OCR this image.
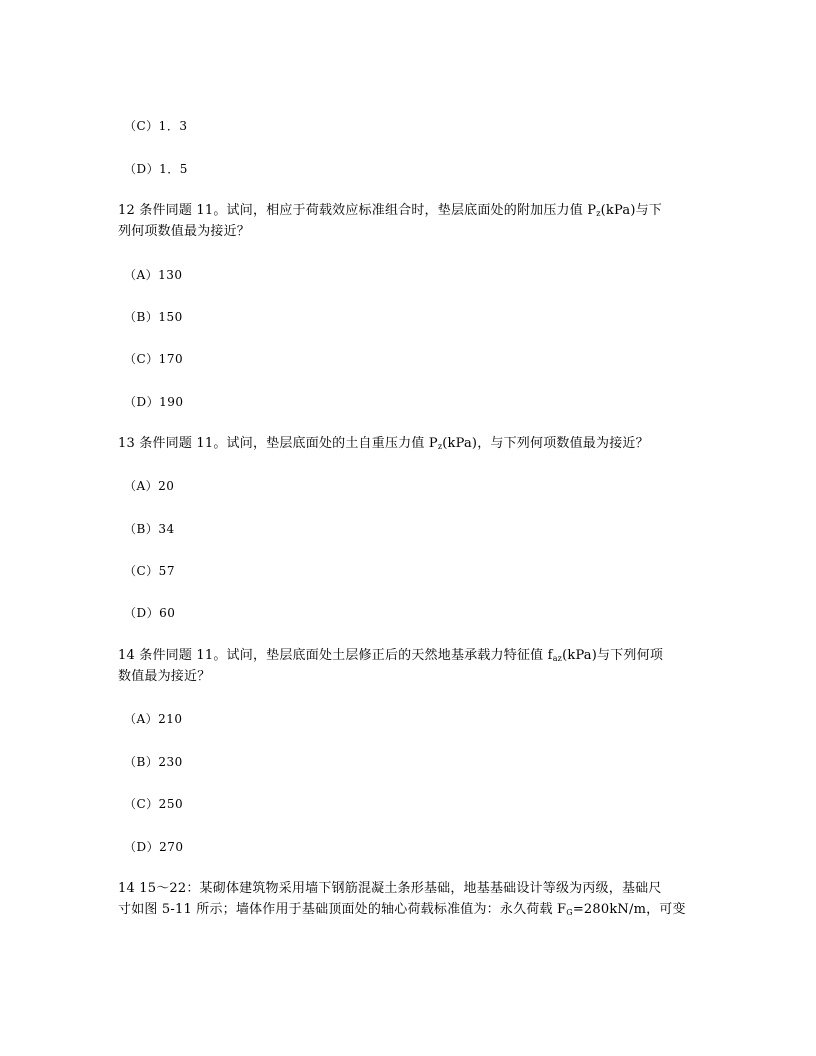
（C）1．3
（D）1．5
12 条件同题 11。试问，相应于荷载效应标准组合时，垫层底面处的附加压力值 $P_z(kPa)$与下
列何项数值最为接近？
（A）130
（B）150
（C）170
（D）190
13 条件同题 11。试问，垫层底面处的土自重压力值 $P_z(kPa)$，与下列何项数值最为接近？
（A）20
（B）34
（C）57
（D）60
14 条件同题 11。试问，垫层底面处土层修正后的天然地基承载力特征值 $f_{az}(kPa)$与下列何项
数值最为接近？
（A）210
（B）230
（C）250
（D）270
14 15～22：某砌体建筑物采用墙下钢筋混凝土条形基础，地基基础设计等级为丙级，基础尺
寸如图 5-11 所示；墙体作用于基础顶面处的轴心荷载标准值为：永久荷载 $F_G=280kN/m$，可变
